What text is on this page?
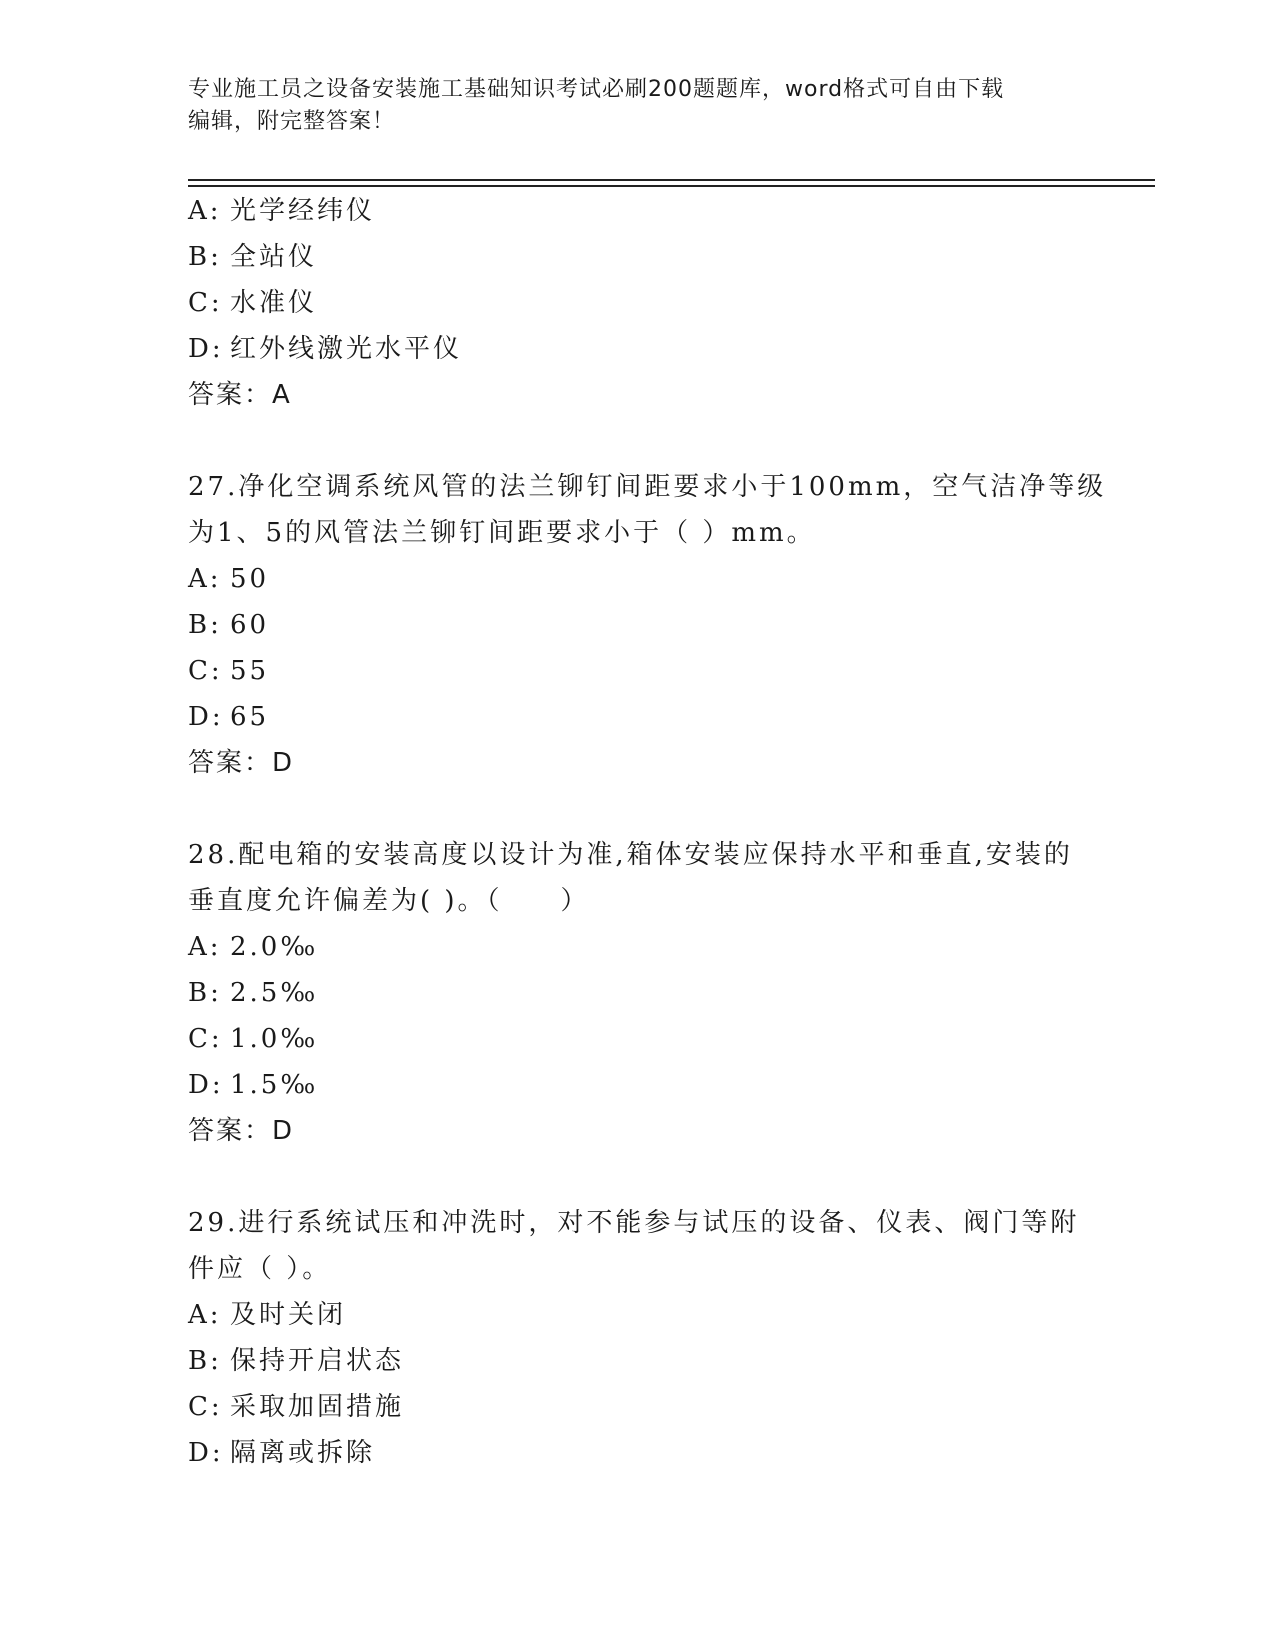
专业施工员之设备安装施工基础知识考试必刷200题题库，word格式可自由下载
编辑，附完整答案！
A: 光学经纬仪
B: 全站仪
C: 水准仪
D: 红外线激光水平仪
答案：A
27.净化空调系统风管的法兰铆钉间距要求小于100mm，空气洁净等级
为1、5的风管法兰铆钉间距要求小于（ ）mm。
A: 50
B: 60
C: 55
D: 65
答案：D
28.配电箱的安装高度以设计为准,箱体安装应保持水平和垂直,安装的
垂直度允许偏差为( )。（　　）
A: 2.0‰
B: 2.5‰
C: 1.0‰
D: 1.5‰
答案：D
29.进行系统试压和冲洗时，对不能参与试压的设备、仪表、阀门等附
件应（ ）。
A: 及时关闭
B: 保持开启状态
C: 采取加固措施
D: 隔离或拆除
